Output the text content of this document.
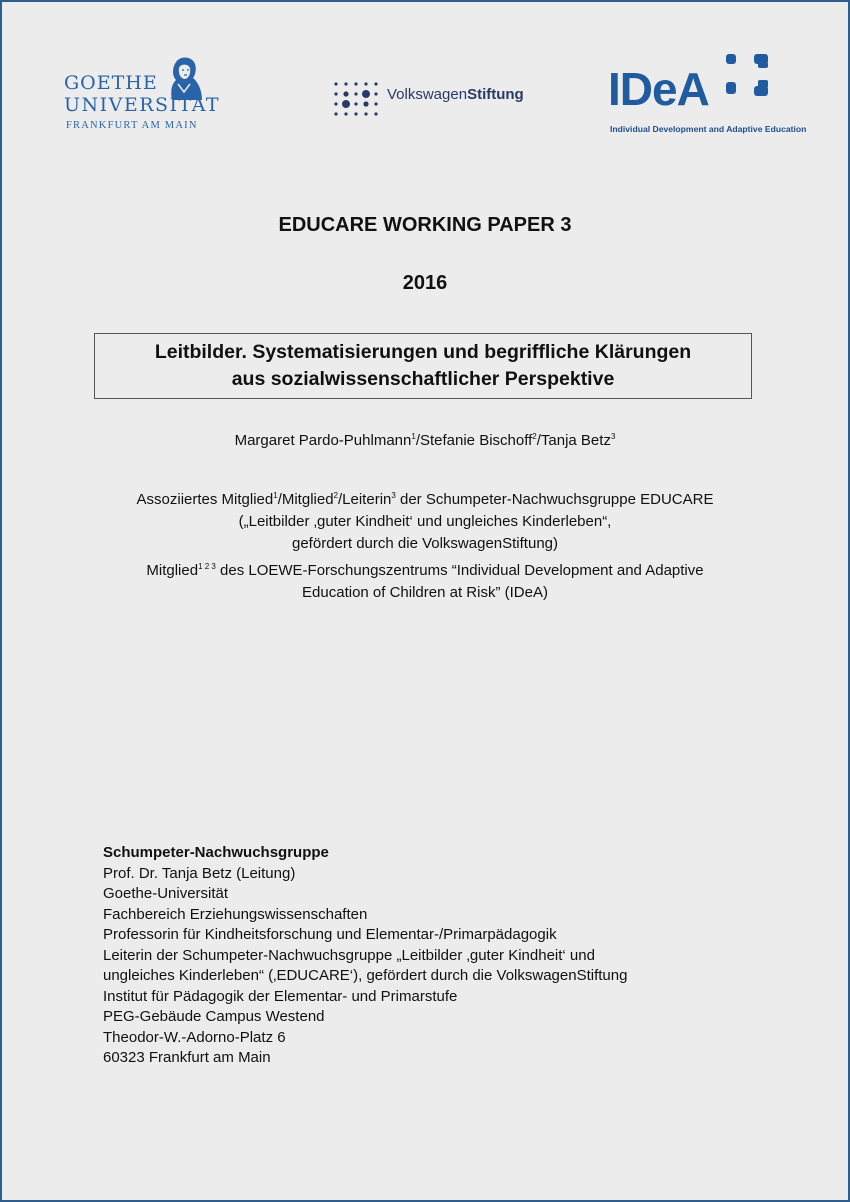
GOETHE
UNIVERSITÄT
FRANKFURT AM MAIN
VolkswagenStiftung IDeA
Individual Development and Adaptive Education
EDUCARE WORKING PAPER 3
2016
Leitbilder. Systematisierungen und begriffliche Klärungen
aus sozialwissenschaftlicher Perspektive
Margaret Pardo-Puhlmann$^1$/Stefanie Bischoff$^2$/Tanja Betz$^3$
Assoziiertes Mitglied$^1$/Mitglied$^2$/Leiterin$^3$ der Schumpeter-Nachwuchsgruppe EDUCARE
(„Leitbilder ‚guter Kindheit‘ und ungleiches Kinderleben“,
gefördert durch die VolkswagenStiftung)
Mitglied$^{1 2 3}$ des LOEWE-Forschungszentrums “Individual Development and Adaptive
Education of Children at Risk” (IDeA)
Schumpeter-Nachwuchsgruppe
Prof. Dr. Tanja Betz (Leitung)
Goethe-Universität
Fachbereich Erziehungswissenschaften
Professorin für Kindheitsforschung und Elementar-/Primarpädagogik
Leiterin der Schumpeter-Nachwuchsgruppe „Leitbilder ‚guter Kindheit‘ und
ungleiches Kinderleben“ (‚EDUCARE‘), gefördert durch die VolkswagenStiftung
Institut für Pädagogik der Elementar- und Primarstufe
PEG-Gebäude Campus Westend
Theodor-W.-Adorno-Platz 6
60323 Frankfurt am Main
